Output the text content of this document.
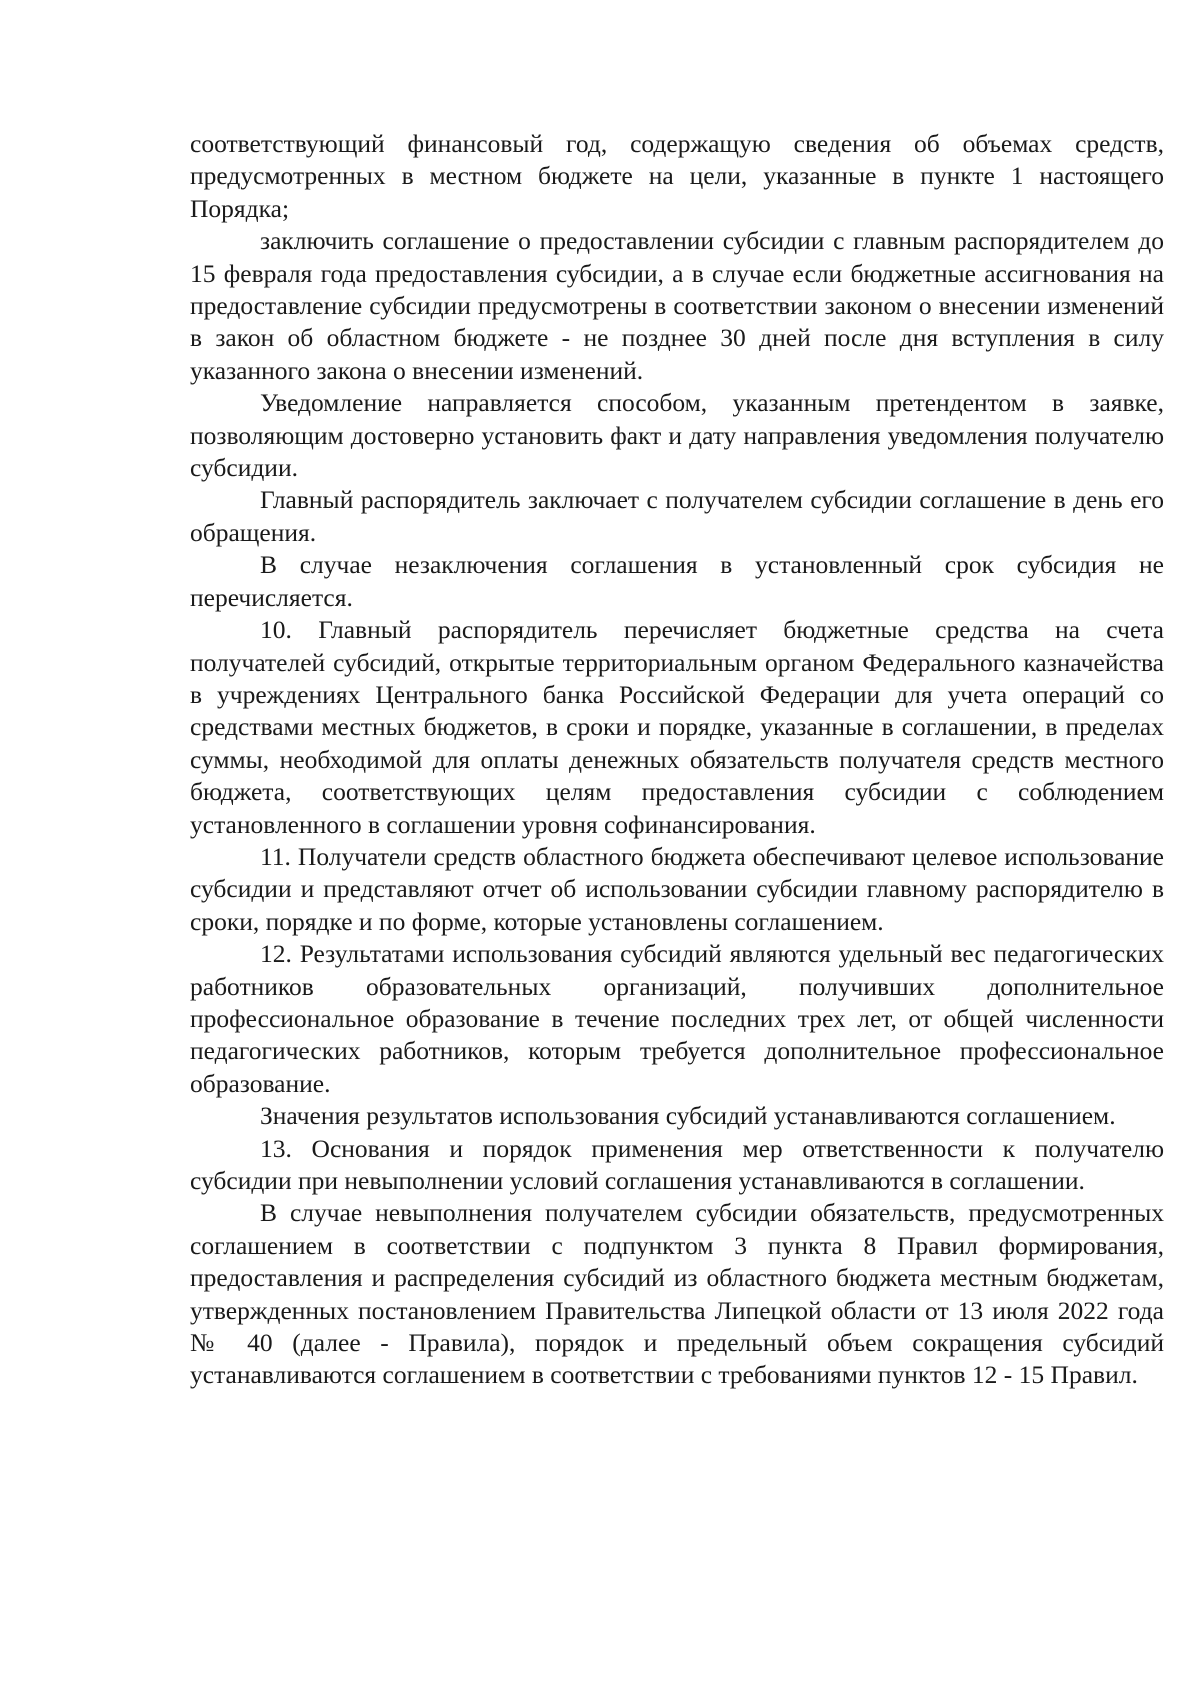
соответствующий финансовый год, содержащую сведения об объемах средств, предусмотренных в местном бюджете на цели, указанные в пункте 1 настоящего Порядка;

заключить соглашение о предоставлении субсидии с главным распорядителем до 15 февраля года предоставления субсидии, а в случае если бюджетные ассигнования на предоставление субсидии предусмотрены в соответствии законом о внесении изменений в закон об областном бюджете - не позднее 30 дней после дня вступления в силу указанного закона о внесении изменений.

Уведомление направляется способом, указанным претендентом в заявке, позволяющим достоверно установить факт и дату направления уведомления получателю субсидии.

Главный распорядитель заключает с получателем субсидии соглашение в день его обращения.

В случае незаключения соглашения в установленный срок субсидия не перечисляется.

10. Главный распорядитель перечисляет бюджетные средства на счета получателей субсидий, открытые территориальным органом Федерального казначейства в учреждениях Центрального банка Российской Федерации для учета операций со средствами местных бюджетов, в сроки и порядке, указанные в соглашении, в пределах суммы, необходимой для оплаты денежных обязательств получателя средств местного бюджета, соответствующих целям предоставления субсидии с соблюдением установленного в соглашении уровня софинансирования.

11. Получатели средств областного бюджета обеспечивают целевое использование субсидии и представляют отчет об использовании субсидии главному распорядителю в сроки, порядке и по форме, которые установлены соглашением.

12. Результатами использования субсидий являются удельный вес педагогических работников образовательных организаций, получивших дополнительное профессиональное образование в течение последних трех лет, от общей численности педагогических работников, которым требуется дополнительное профессиональное образование.

Значения результатов использования субсидий устанавливаются соглашением.

13. Основания и порядок применения мер ответственности к получателю субсидии при невыполнении условий соглашения устанавливаются в соглашении.

В случае невыполнения получателем субсидии обязательств, предусмотренных соглашением в соответствии с подпунктом 3 пункта 8 Правил формирования, предоставления и распределения субсидий из областного бюджета местным бюджетам, утвержденных постановлением Правительства Липецкой области от 13 июля 2022 года № 40 (далее - Правила), порядок и предельный объем сокращения субсидий устанавливаются соглашением в соответствии с требованиями пунктов 12 - 15 Правил.
